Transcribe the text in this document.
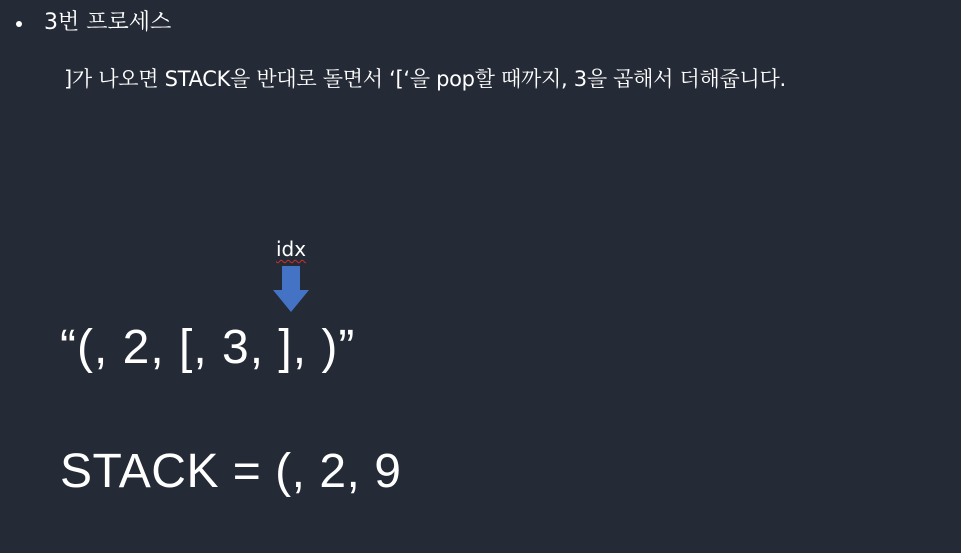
3번 프로세스
]가 나오면 STACK을 반대로 돌면서 ‘[‘을 pop할 때까지, 3을 곱해서 더해줍니다.
idx
“(, 2, [, 3, ], )”
STACK = (, 2, 9
